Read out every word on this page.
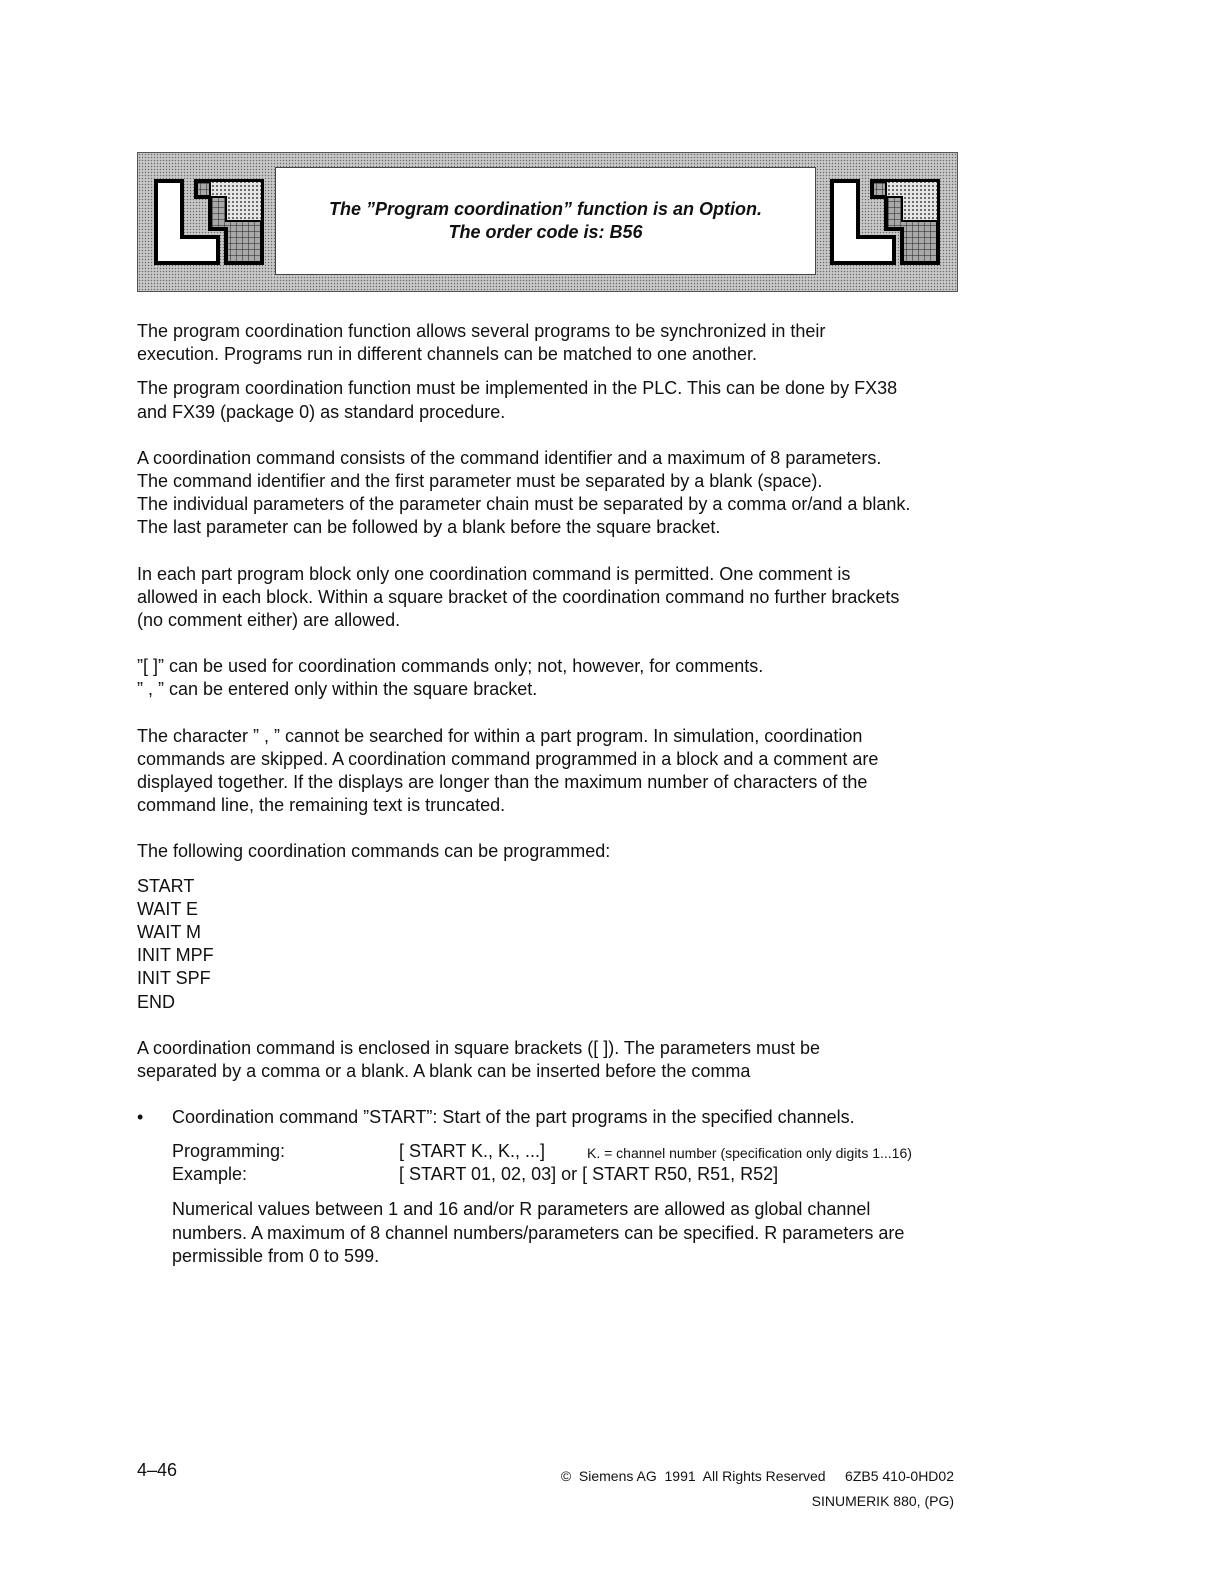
The ”Program coordination” function is an Option.
The order code is: B56

The program coordination function allows several programs to be synchronized in their execution. Programs run in different channels can be matched to one another.

The program coordination function must be implemented in the PLC. This can be done by FX38 and FX39 (package 0) as standard procedure.

A coordination command consists of the command identifier and a maximum of 8 parameters.

The command identifier and the first parameter must be separated by a blank (space).

The individual parameters of the parameter chain must be separated by a comma or/and a blank. The last parameter can be followed by a blank before the square bracket.

In each part program block only one coordination command is permitted. One comment is allowed in each block. Within a square bracket of the coordination command no further brackets (no comment either) are allowed.

”[ ]” can be used for coordination commands only; not, however, for comments.

” , ” can be entered only within the square bracket.

The character ” , ” cannot be searched for within a part program. In simulation, coordination commands are skipped. A coordination command programmed in a block and a comment are displayed together. If the displays are longer than the maximum number of characters of the command line, the remaining text is truncated.

The following coordination commands can be programmed:

START
WAIT E
WAIT M
INIT MPF
INIT SPF
END

A coordination command is enclosed in square brackets ([ ]). The parameters must be separated by a comma or a blank. A blank can be inserted before the comma

• Coordination command ”START”: Start of the part programs in the specified channels.

Programming:	[ START K., K., ...]	K. = channel number (specification only digits 1...16)
Example:	[ START 01, 02, 03] or [ START R50, R51, R52]

Numerical values between 1 and 16 and/or R parameters are allowed as global channel numbers. A maximum of 8 channel numbers/parameters can be specified. R parameters are permissible from 0 to 599.

4–46	©  Siemens AG  1991  All Rights Reserved     6ZB5 410-0HD02
SINUMERIK 880, (PG)
